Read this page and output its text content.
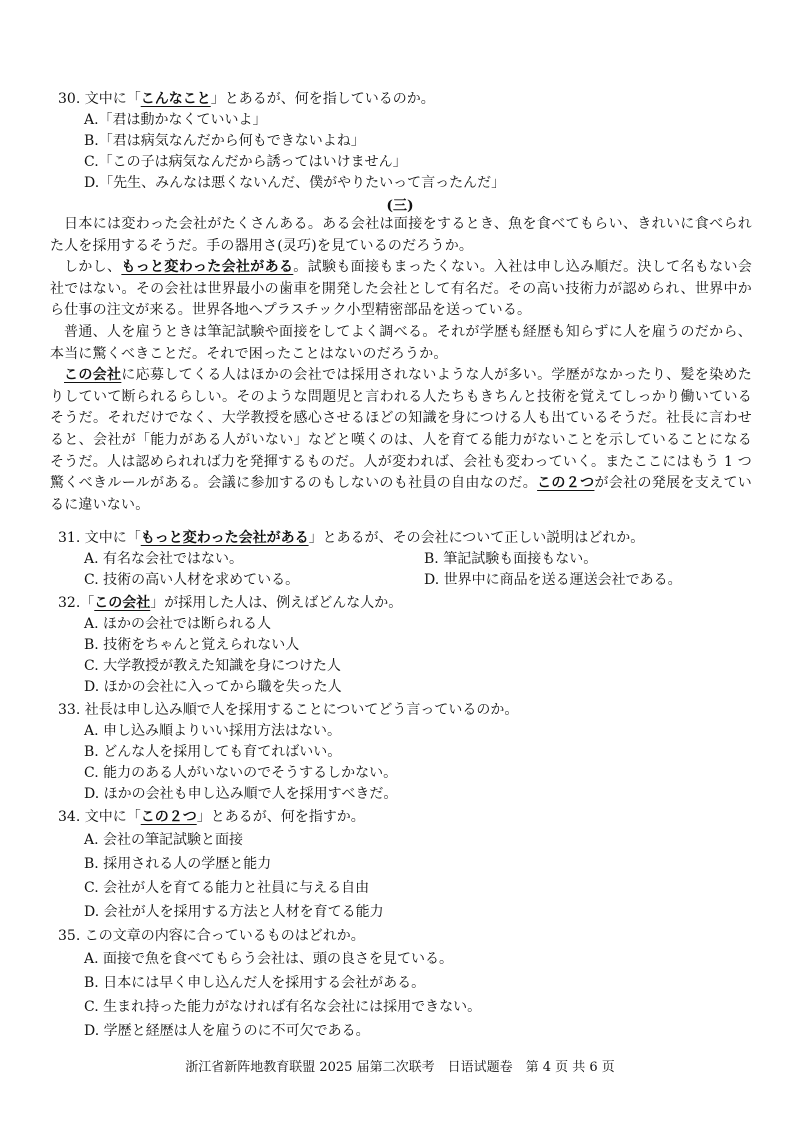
30. 文中に「こんなこと」とあるが、何を指しているのか。
A.「君は動かなくていいよ」
B.「君は病気なんだから何もできないよね」
C.「この子は病気なんだから誘ってはいけません」
D.「先生、みんなは悪くないんだ、僕がやりたいって言ったんだ」
(三)

日本には変わった会社がたくさんある。ある会社は面接をするとき、魚を食べてもらい、きれいに食べられた人を採用するそうだ。手の器用さ(灵巧)を見ているのだろうか。

しかし、もっと変わった会社がある。試験も面接もまったくない。入社は申し込み順だ。決して名もない会社ではない。その会社は世界最小の歯車を開発した会社として有名だ。その高い技術力が認められ、世界中から仕事の注文が来る。世界各地へプラスチック小型精密部品を送っている。

普通、人を雇うときは筆記試験や面接をしてよく調べる。それが学歴も経歴も知らずに人を雇うのだから、本当に驚くべきことだ。それで困ったことはないのだろうか。

この会社に応募してくる人はほかの会社では採用されないような人が多い。学歴がなかったり、髪を染めたりしていて断られるらしい。そのような問題児と言われる人たちもきちんと技術を覚えてしっかり働いているそうだ。それだけでなく、大学教授を感心させるほどの知識を身につける人も出ているそうだ。社長に言わせると、会社が「能力がある人がいない」などと嘆くのは、人を育てる能力がないことを示していることになるそうだ。人は認められれば力を発揮するものだ。人が変われば、会社も変わっていく。またここにはもう 1 つ驚くべきルールがある。会議に参加するのもしないのも社員の自由なのだ。この２つが会社の発展を支えているに違いない。

31. 文中に「もっと変わった会社がある」とあるが、その会社について正しい説明はどれか。
A. 有名な会社ではない。	B. 筆記試験も面接もない。
C. 技術の高い人材を求めている。	D. 世界中に商品を送る運送会社である。
32.「この会社」が採用した人は、例えばどんな人か。
A. ほかの会社では断られる人
B. 技術をちゃんと覚えられない人
C. 大学教授が教えた知識を身につけた人
D. ほかの会社に入ってから職を失った人
33. 社長は申し込み順で人を採用することについてどう言っているのか。
A. 申し込み順よりいい採用方法はない。
B. どんな人を採用しても育てればいい。
C. 能力のある人がいないのでそうするしかない。
D. ほかの会社も申し込み順で人を採用すべきだ。
34. 文中に「この２つ」とあるが、何を指すか。
A. 会社の筆記試験と面接
B. 採用される人の学歴と能力
C. 会社が人を育てる能力と社員に与える自由
D. 会社が人を採用する方法と人材を育てる能力
35. この文章の内容に合っているものはどれか。
A. 面接で魚を食べてもらう会社は、頭の良さを見ている。
B. 日本には早く申し込んだ人を採用する会社がある。
C. 生まれ持った能力がなければ有名な会社には採用できない。
D. 学歴と経歴は人を雇うのに不可欠である。
浙江省新阵地教育联盟 2025 届第二次联考　日语试题卷　第 4 页 共 6 页
